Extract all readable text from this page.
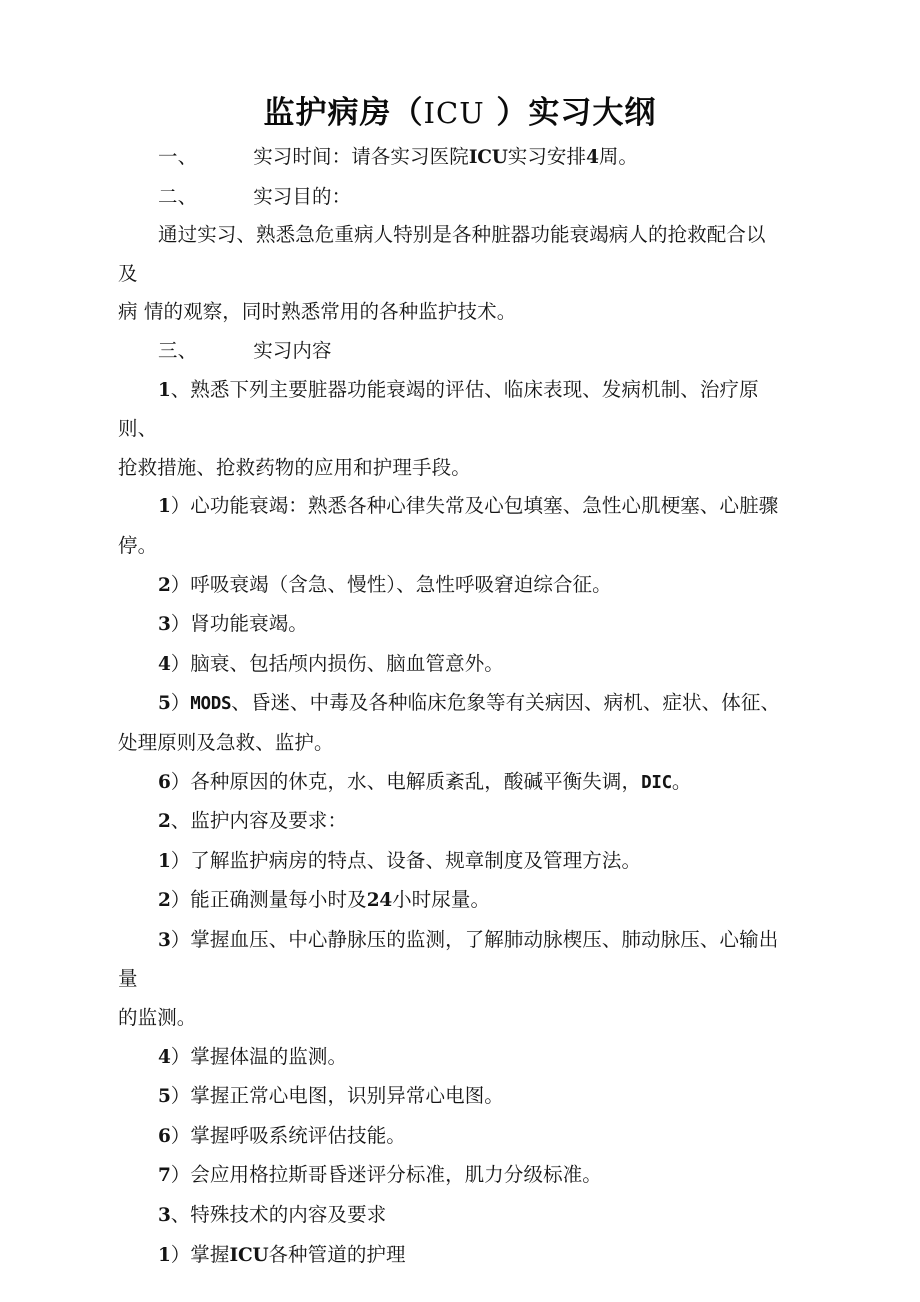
监护病房（ICU ）实习大纲

一、	实习时间：请各实习医院ICU实习安排4周。

二、	实习目的：

通过实习、熟悉急危重病人特别是各种脏器功能衰竭病人的抢救配合以及

病 情的观察，同时熟悉常用的各种监护技术。

三、	实习内容

1、熟悉下列主要脏器功能衰竭的评估、临床表现、发病机制、治疗原则、

抢救措施、抢救药物的应用和护理手段。

1）心功能衰竭：熟悉各种心律失常及心包填塞、急性心肌梗塞、心脏骤

停。

2）呼吸衰竭（含急、慢性）、急性呼吸窘迫综合征。

3）肾功能衰竭。

4）脑衰、包括颅内损伤、脑血管意外。

5）MODS、昏迷、中毒及各种临床危象等有关病因、病机、症状、体征、

处理原则及急救、监护。

6）各种原因的休克，水、电解质紊乱，酸碱平衡失调，DIC。

2、监护内容及要求：

1）了解监护病房的特点、设备、规章制度及管理方法。

2）能正确测量每小时及24小时尿量。

3）掌握血压、中心静脉压的监测，了解肺动脉楔压、肺动脉压、心输出量

的监测。

4）掌握体温的监测。

5）掌握正常心电图，识别异常心电图。

6）掌握呼吸系统评估技能。

7）会应用格拉斯哥昏迷评分标准，肌力分级标准。

3、特殊技术的内容及要求

1）掌握ICU各种管道的护理
